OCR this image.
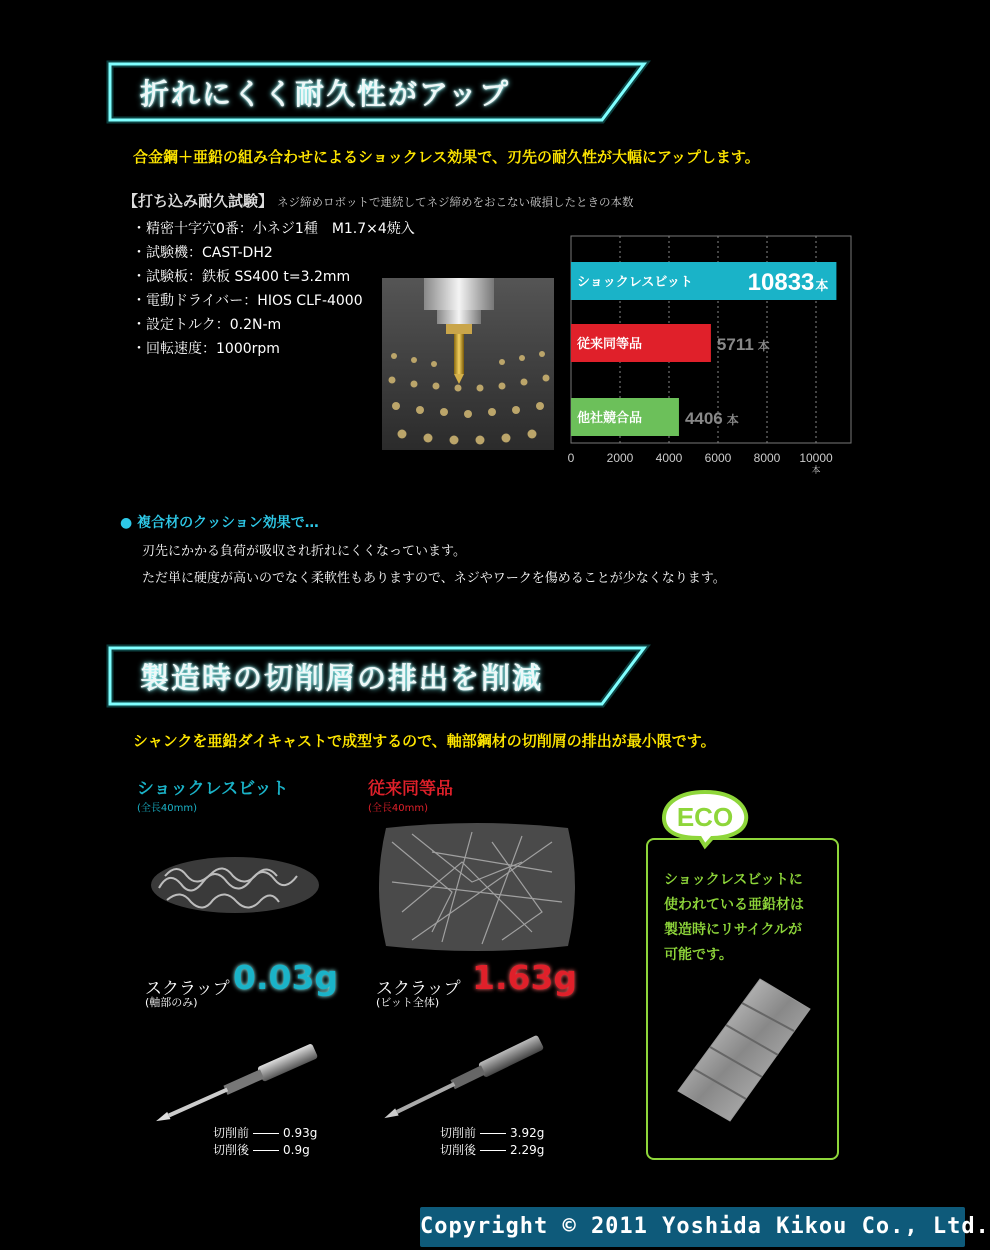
折れにくく耐久性がアップ
合金鋼＋亜鉛の組み合わせによるショックレス効果で、刃先の耐久性が大幅にアップします。
【打ち込み耐久試験】 ネジ締めロボットで連続してネジ締めをおこない破損したときの本数
・精密十字穴0番：小ネジ1種　M1.7×4焼入
・試験機：CAST-DH2
・試験板：鉄板 SS400 t=3.2mm
・電動ドライバー：HIOS CLF-4000
・設定トルク：0.2N-m
・回転速度：1000rpm
ショックレスビット 10833 本
従来同等品	5711 本
他社競合品	4406 本
0	2000 4000 6000 8000 10000
本
● 複合材のクッション効果で…
刃先にかかる負荷が吸収され折れにくくなっています。
ただ単に硬度が高いのでなく柔軟性もありますので、ネジやワークを傷めることが少なくなります。
製造時の切削屑の排出を削減
シャンクを亜鉛ダイキャストで成型するので、軸部鋼材の切削屑の排出が最小限です。
ショックレスビット
(全長40mm)
スクラップ
(軸部のみ)
0.03g
切削前	0.93g
切削後	0.9g
従来同等品
(全長40mm)
スクラップ
(ビット全体)
1.63g
切削前	3.92g
切削後	2.29g
ECO
ショックレスビットに
使われている亜鉛材は
製造時にリサイクルが
可能です。
Copyright © 2011 Yoshida Kikou Co., Ltd.
